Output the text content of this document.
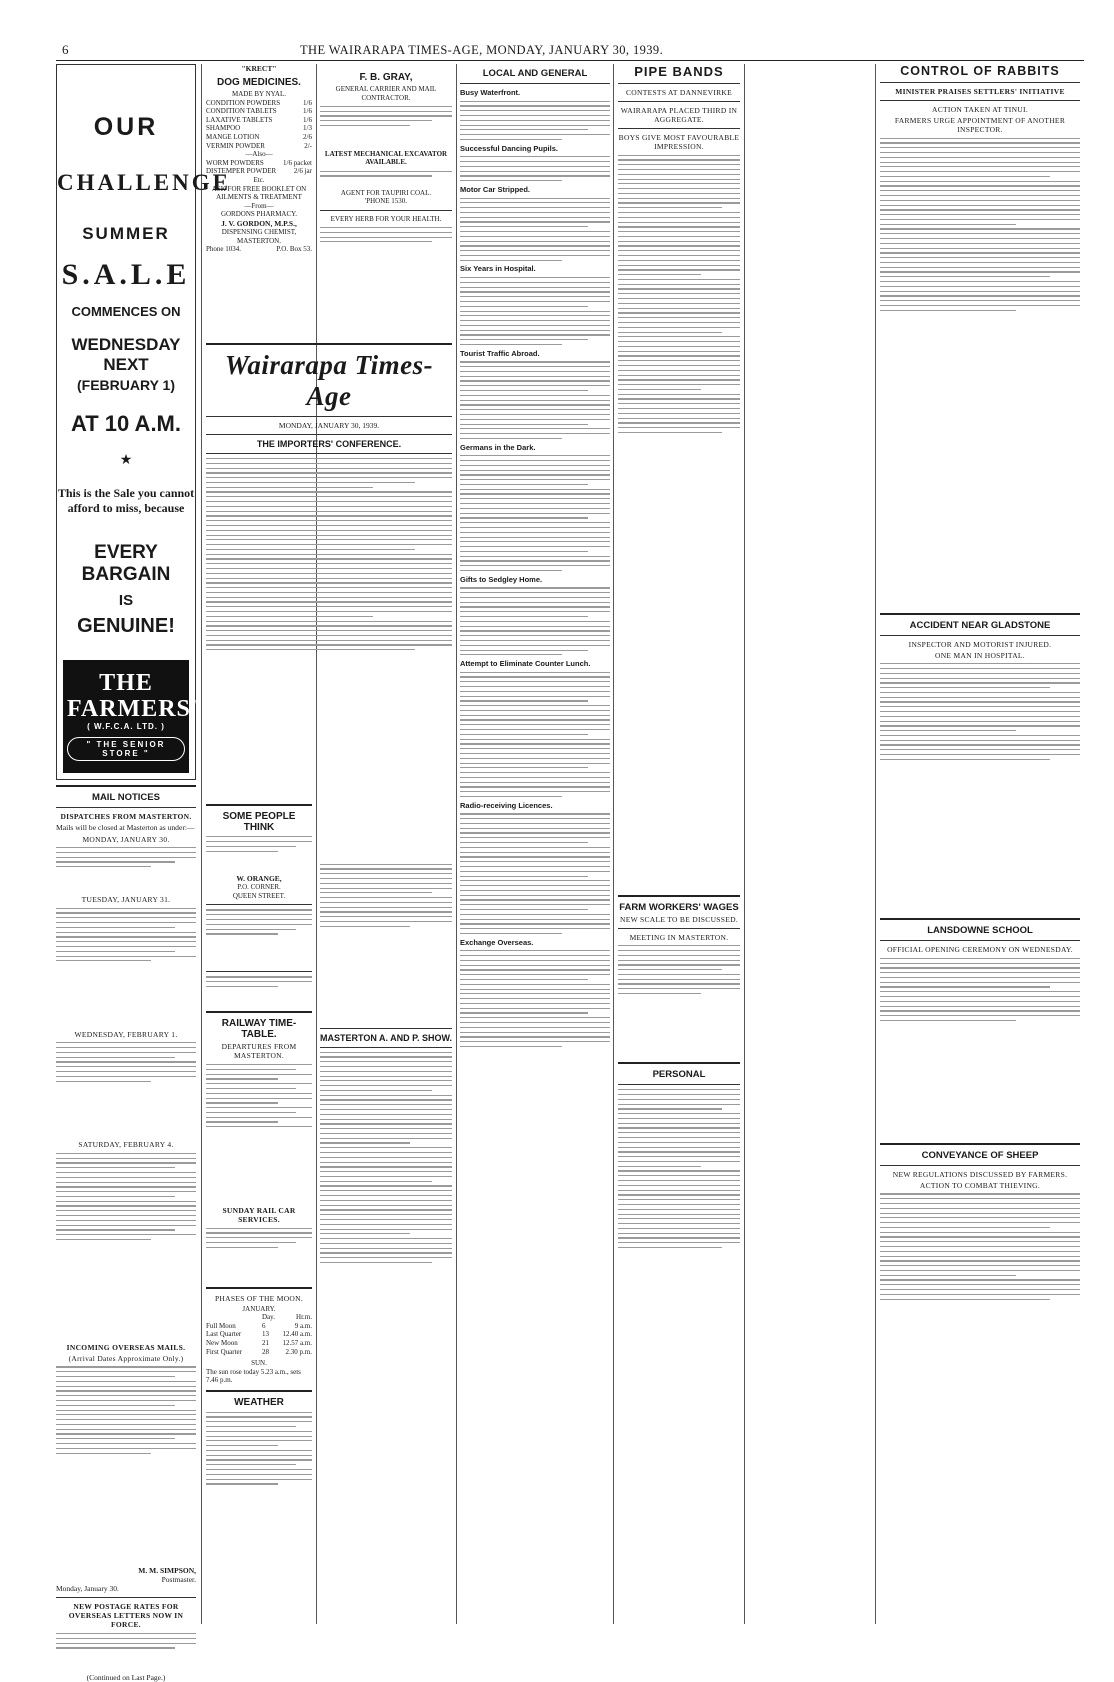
6	THE WAIRARAPA TIMES-AGE, MONDAY, JANUARY 30, 1939.
OUR
CHALLENGE
SUMMER
S.A.L.E
COMMENCES ON
WEDNESDAY NEXT
(FEBRUARY 1)
AT 10 A.M.
★
This is the Sale you cannot afford to miss, because
EVERY BARGAIN
IS
GENUINE!
THE FARMERS'
( W.F.C.A. LTD. )
" THE SENIOR STORE "
MAIL NOTICES
DISPATCHES FROM MASTERTON.
Mails will be closed at Masterton as under:—
MONDAY, JANUARY 30.
TUESDAY, JANUARY 31.
WEDNESDAY, FEBRUARY 1.
SATURDAY, FEBRUARY 4.
INCOMING OVERSEAS MAILS.
(Arrival Dates Approximate Only.)
M. M. SIMPSON,
Postmaster.
Monday, January 30.
NEW POSTAGE RATES FOR OVERSEAS LETTERS NOW IN FORCE.
(Continued on Last Page.)
"KRECT"
DOG MEDICINES.
MADE BY NYAL.
CONDITION POWDERS	1/6
CONDITION TABLETS	1/6
LAXATIVE TABLETS	1/6
SHAMPOO	1/3
MANGE LOTION	2/6
VERMIN POWDER	2/-
—Also—
WORM POWDERS	1/6 packet
DISTEMPER POWDER	2/6 jar
Etc.
ASK FOR FREE BOOKLET ON AILMENTS & TREATMENT
—From—
GORDONS PHARMACY.
J. V. GORDON, M.P.S.,
DISPENSING CHEMIST,
MASTERTON.
Phone 1034.	P.O. Box 53.
SOME PEOPLE THINK
W. ORANGE,
P.O. CORNER.
QUEEN STREET.
RAILWAY TIME-TABLE.
DEPARTURES FROM MASTERTON.
SUNDAY RAIL CAR SERVICES.
PHASES OF THE MOON.
JANUARY.
Day.	Hr.m.
Full Moon	6	9 a.m.
Last Quarter	13	12.40 a.m.
New Moon	21	12.57 a.m.
First Quarter	28	2.30 p.m.
SUN.
The sun rose today 5.23 a.m., sets 7.46 p.m.
WEATHER
F. B. GRAY,
GENERAL CARRIER AND MAIL CONTRACTOR.
LATEST MECHANICAL EXCAVATOR AVAILABLE.
AGENT FOR TAUPIRI COAL.
'PHONE 1530.
EVERY HERB FOR YOUR HEALTH.
Wairarapa Times-Age
MONDAY, JANUARY 30, 1939.
THE IMPORTERS' CONFERENCE.
MASTERTON A. AND P. SHOW.
LOCAL AND GENERAL
Busy Waterfront.
Successful Dancing Pupils.
Motor Car Stripped.
Six Years in Hospital.
Tourist Traffic Abroad.
Germans in the Dark.
Gifts to Sedgley Home.
Attempt to Eliminate Counter Lunch.
Radio-receiving Licences.
Exchange Overseas.
PIPE BANDS
CONTESTS AT DANNEVIRKE
WAIRARAPA PLACED THIRD IN AGGREGATE.
BOYS GIVE MOST FAVOURABLE IMPRESSION.
FARM WORKERS' WAGES
NEW SCALE TO BE DISCUSSED.
MEETING IN MASTERTON.
PERSONAL
CONTROL OF RABBITS
MINISTER PRAISES SETTLERS' INITIATIVE
ACTION TAKEN AT TINUI.
FARMERS URGE APPOINTMENT OF ANOTHER INSPECTOR.
ACCIDENT NEAR GLADSTONE
INSPECTOR AND MOTORIST INJURED.
ONE MAN IN HOSPITAL.
LANSDOWNE SCHOOL
OFFICIAL OPENING CEREMONY ON WEDNESDAY.
CONVEYANCE OF SHEEP
NEW REGULATIONS DISCUSSED BY FARMERS.
ACTION TO COMBAT THIEVING.
